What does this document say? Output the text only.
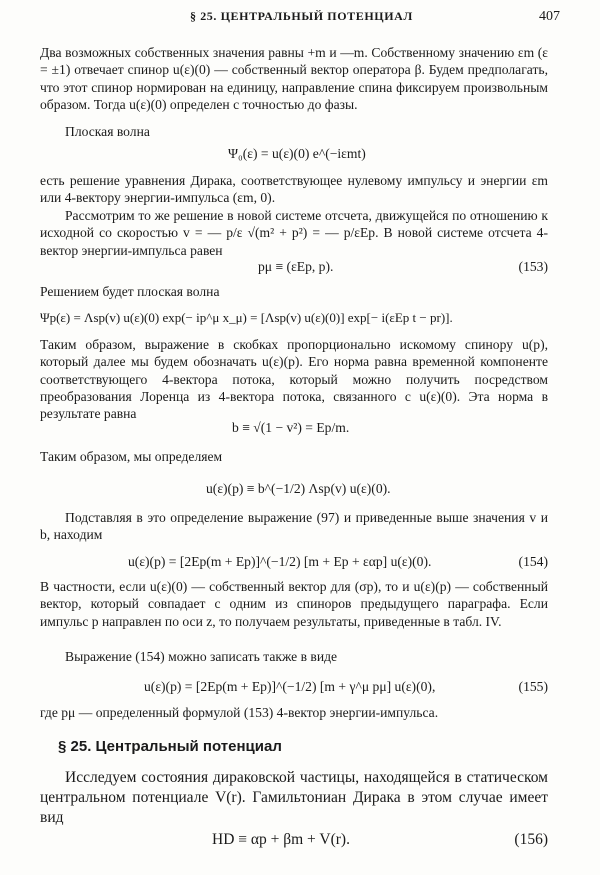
§ 25. ЦЕНТРАЛЬНЫЙ ПОТЕНЦИАЛ	407

Два возможных собственных значения равны +m и —m. Собственному значению εm (ε = ±1) отвечает спинор u(ε)(0) — собственный вектор оператора β. Будем предполагать, что этот спинор нормирован на единицу, направление спина фиксируем произвольным образом. Тогда u(ε)(0) определен с точностью до фазы.

Плоская волна

Ψ₀(ε) = u(ε)(0) e^(−iεmt)

есть решение уравнения Дирака, соответствующее нулевому импульсу и энергии εm или 4-вектору энергии-импульса (εm, 0).

Рассмотрим то же решение в новой системе отсчета, движущейся по отношению к исходной со скоростью v = — p/ε √(m² + p²) = — p/εEp. В новой системе отсчета 4-вектор энергии-импульса равен

pμ ≡ (εEp, p).	(153)

Решением будет плоская волна

Ψp(ε) = Λsp(v) u(ε)(0) exp(− ip^μ x_μ) = [Λsp(v) u(ε)(0)] exp[− i(εEp t − pr)].

Таким образом, выражение в скобках пропорционально искомому спинору u(p), который далее мы будем обозначать u(ε)(p). Его норма равна временной компоненте соответствующего 4-вектора потока, который можно получить посредством преобразования Лоренца из 4-вектора потока, связанного с u(ε)(0). Эта норма в результате равна

b ≡ √(1 − v²) = Ep/m.

Таким образом, мы определяем

u(ε)(p) ≡ b^(−1/2) Λsp(v) u(ε)(0).

Подставляя в это определение выражение (97) и приведенные выше значения v и b, находим

u(ε)(p) = [2Ep(m + Ep)]^(−1/2) [m + Ep + εαp] u(ε)(0).	(154)

В частности, если u(ε)(0) — собственный вектор для (σp), то и u(ε)(p) — собственный вектор, который совпадает с одним из спиноров предыдущего параграфа. Если импульс p направлен по оси z, то получаем результаты, приведенные в табл. IV.

Выражение (154) можно записать также в виде

u(ε)(p) = [2Ep(m + Ep)]^(−1/2) [m + γ^μ pμ] u(ε)(0),	(155)

где pμ — определенный формулой (153) 4-вектор энергии-импульса.

§ 25. Центральный потенциал

Исследуем состояния дираковской частицы, находящейся в статическом центральном потенциале V(r). Гамильтониан Дирака в этом случае имеет вид

HD ≡ αp + βm + V(r).	(156)
